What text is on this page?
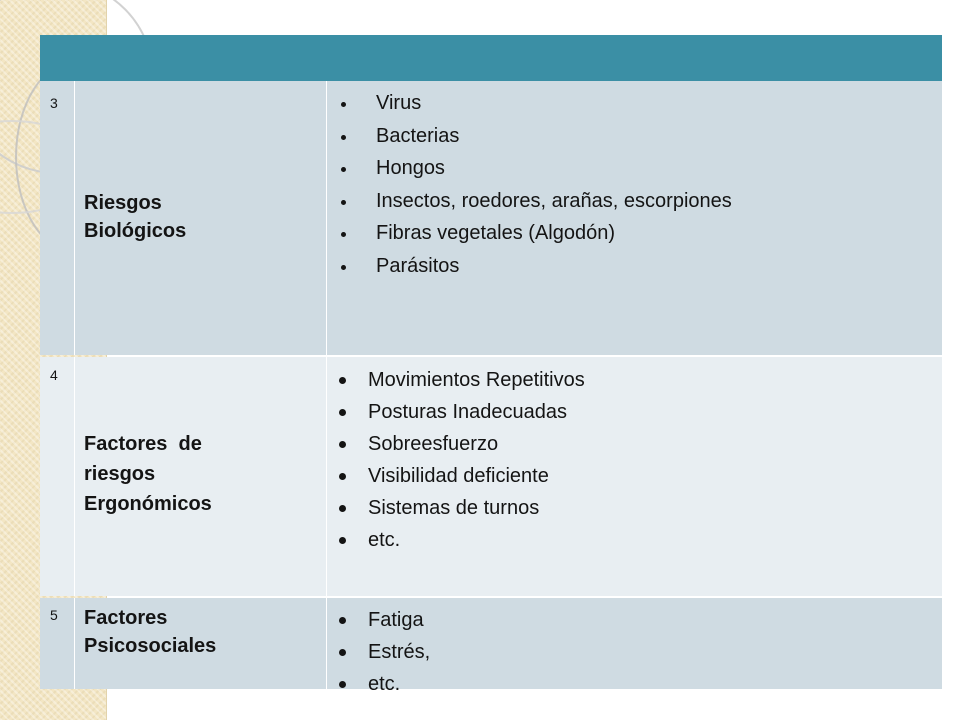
3
Riesgos
Biológicos
Virus
Bacterias
Hongos
Insectos, roedores, arañas, escorpiones
Fibras vegetales (Algodón)
Parásitos
4
Factores  de
riesgos
Ergonómicos
Movimientos Repetitivos
Posturas Inadecuadas
Sobreesfuerzo
Visibilidad deficiente
Sistemas de turnos
etc.
5 Factores
Psicosociales
Fatiga
Estrés,
etc.
